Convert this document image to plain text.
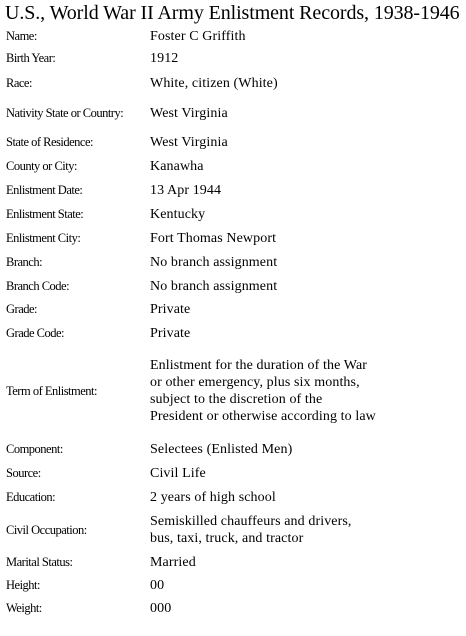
U.S., World War II Army Enlistment Records, 1938-1946
Name:	Foster C Griffith
Birth Year:	1912
Race:	White, citizen (White)
Nativity State or Country:	West Virginia
State of Residence:	West Virginia
County or City:	Kanawha
Enlistment Date:	13 Apr 1944
Enlistment State:	Kentucky
Enlistment City:	Fort Thomas Newport
Branch:	No branch assignment
Branch Code:	No branch assignment
Grade:	Private
Grade Code:	Private
Term of Enlistment:	Enlistment for the duration of the War or other emergency, plus six months, subject to the discretion of the President or otherwise according to law
Component:	Selectees (Enlisted Men)
Source:	Civil Life
Education:	2 years of high school
Civil Occupation:	Semiskilled chauffeurs and drivers, bus, taxi, truck, and tractor
Marital Status:	Married
Height:	00
Weight:	000
